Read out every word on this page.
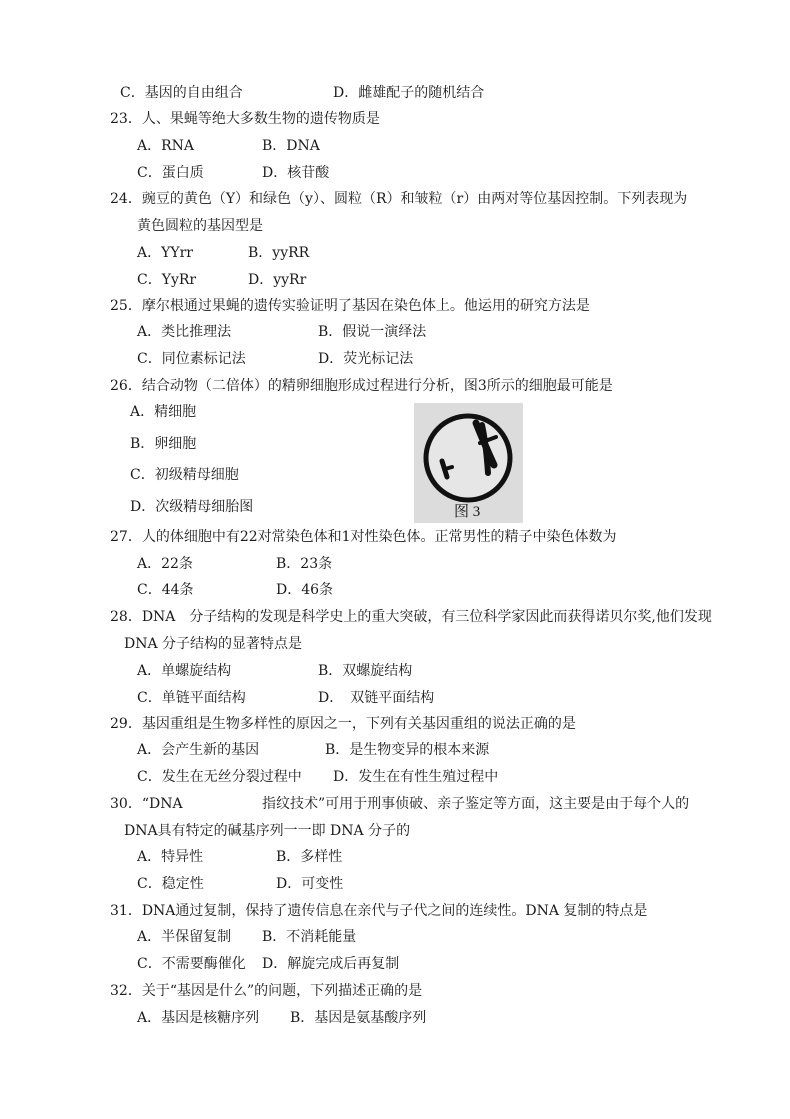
C．基因的自由组合	D．雌雄配子的随机结合
23．人、果蝇等绝大多数生物的遗传物质是
A．RNA	B．DNA
C．蛋白质	D．核苷酸
24．豌豆的黄色（Y）和绿色（y）、圆粒（R）和皱粒（r）由两对等位基因控制。下列表现为
黄色圆粒的基因型是
A．YYrr	B．yyRR
C．YyRr	D．yyRr
25．摩尔根通过果蝇的遗传实验证明了基因在染色体上。他运用的研究方法是
A．类比推理法	B．假说一演绎法
C．同位素标记法	D．荧光标记法
26．结合动物（二倍体）的精卵细胞形成过程进行分析，图3所示的细胞最可能是
A．精细胞
B．卵细胞
C．初级精母细胞
D．次级精母细胎图	图 3
27．人的体细胞中有22对常染色体和1对性染色体。正常男性的精子中染色体数为
A．22条	B．23条
C．44条	D．46条
28．DNA　分子结构的发现是科学史上的重大突破，有三位科学家因此而获得诺贝尔奖,他们发现
DNA 分子结构的显著特点是
A．单螺旋结构	B．双螺旋结构
C．单链平面结构	D．　双链平面结构
29．基因重组是生物多样性的原因之一，下列有关基因重组的说法正确的是
A．会产生新的基因	B．是生物变异的根本来源
C．发生在无丝分裂过程中 D．发生在有性生殖过程中
30．“DNA	指纹技术”可用于刑事侦破、亲子鉴定等方面，这主要是由于每个人的
DNA具有特定的碱基序列一一即 DNA 分子的
A．特异性	B．多样性
C．稳定性	D．可变性
31．DNA通过复制，保持了遗传信息在亲代与子代之间的连续性。DNA 复制的特点是
A．半保留复制 B．不消耗能量
C．不需要酶催化 D．解旋完成后再复制
32．关于“基因是什么”的问题，下列描述正确的是
A．基因是核糖序列 B．基因是氨基酸序列
